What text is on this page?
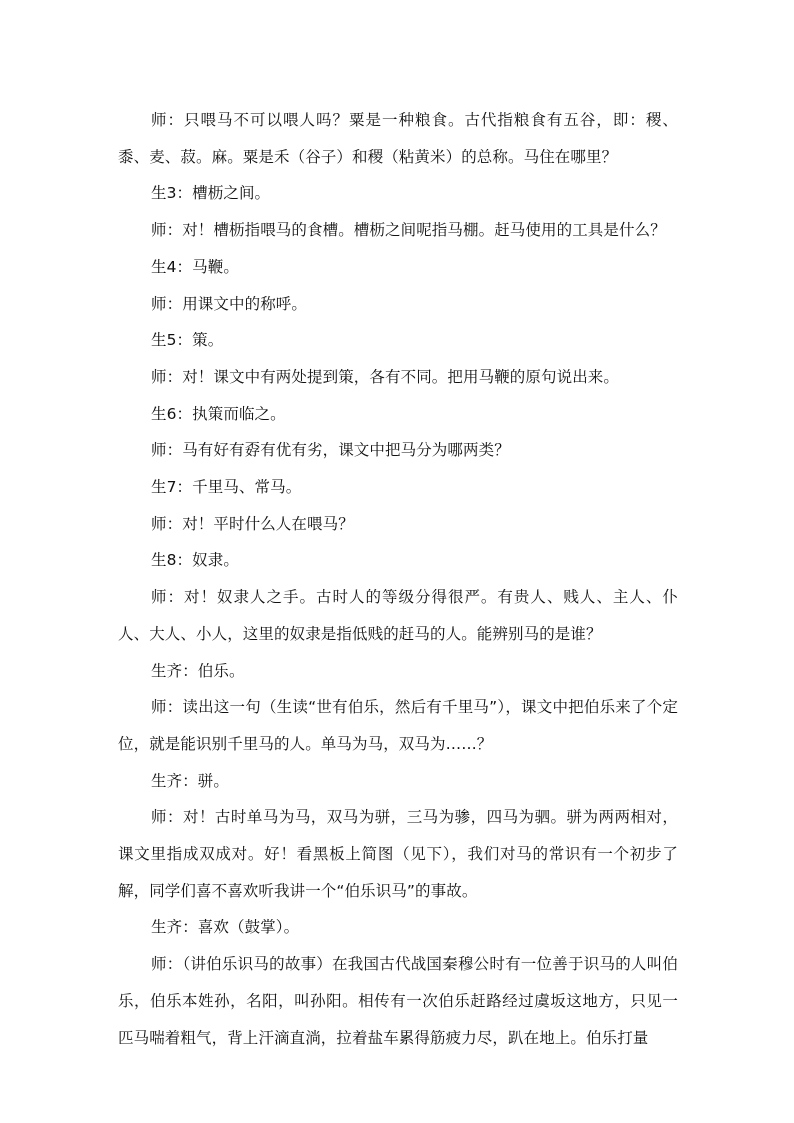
师：只喂马不可以喂人吗？粟是一种粮食。古代指粮食有五谷，即：稷、黍、麦、菽。麻。粟是禾（谷子）和稷（粘黄米）的总称。马住在哪里？

生3：槽枥之间。

师：对！槽枥指喂马的食槽。槽枥之间呢指马棚。赶马使用的工具是什么？

生4：马鞭。

师：用课文中的称呼。

生5：策。

师：对！课文中有两处提到策，各有不同。把用马鞭的原句说出来。

生6：执策而临之。

师：马有好有孬有优有劣，课文中把马分为哪两类？

生7：千里马、常马。

师：对！平时什么人在喂马？

生8：奴隶。

师：对！奴隶人之手。古时人的等级分得很严。有贵人、贱人、主人、仆人、大人、小人，这里的奴隶是指低贱的赶马的人。能辨别马的是谁？

生齐：伯乐。

师：读出这一句（生读“世有伯乐，然后有千里马”），课文中把伯乐来了个定位，就是能识别千里马的人。单马为马，双马为……？

生齐：骈。

师：对！古时单马为马，双马为骈，三马为骖，四马为驷。骈为两两相对，课文里指成双成对。好！看黑板上简图（见下），我们对马的常识有一个初步了解，同学们喜不喜欢听我讲一个“伯乐识马”的事故。

生齐：喜欢（鼓掌）。

师：（讲伯乐识马的故事）在我国古代战国秦穆公时有一位善于识马的人叫伯乐，伯乐本姓孙，名阳，叫孙阳。相传有一次伯乐赶路经过虞坂这地方，只见一匹马喘着粗气，背上汗滴直淌，拉着盐车累得筋疲力尽，趴在地上。伯乐打量
